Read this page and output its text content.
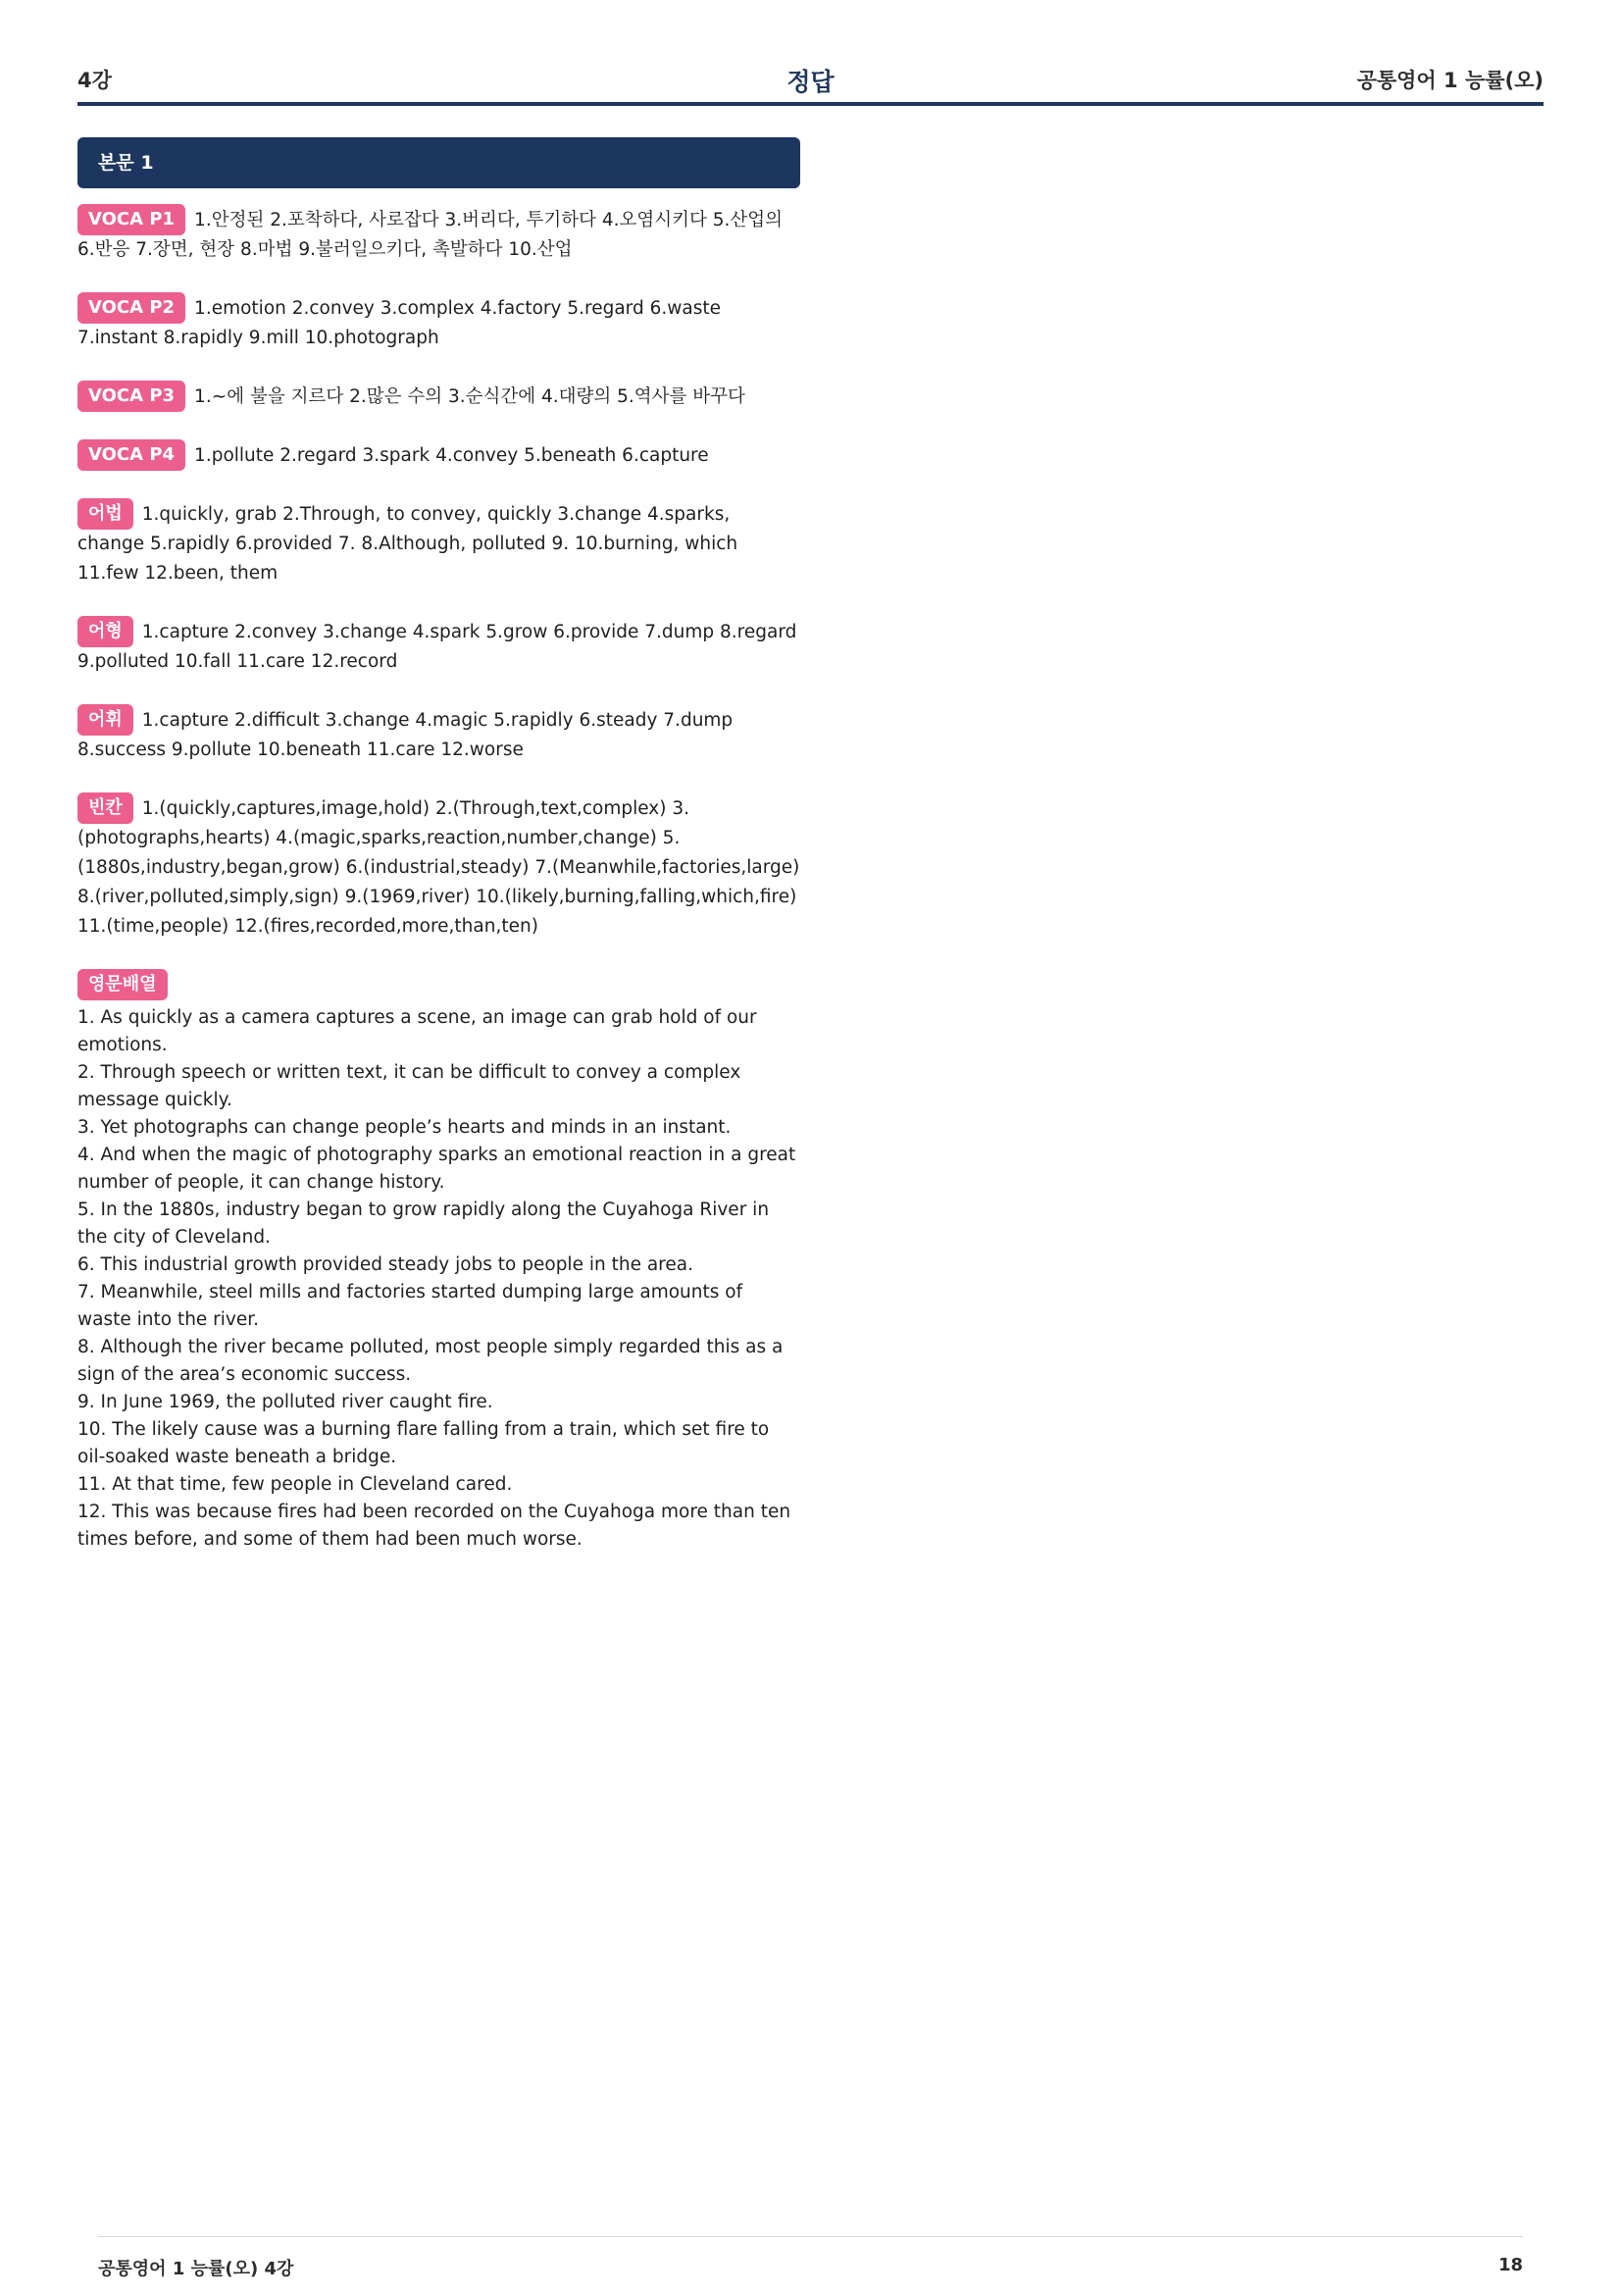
4강	정답	공통영어 1 능률(오)
본문 1
VOCA P1 1.안정된 2.포착하다, 사로잡다 3.버리다, 투기하다 4.오염시키다 5.산업의 6.반응 7.장면, 현장 8.마법 9.불러일으키다, 촉발하다 10.산업
VOCA P2 1.emotion 2.convey 3.complex 4.factory 5.regard 6.waste 7.instant 8.rapidly 9.mill 10.photograph
VOCA P3 1.~에 불을 지르다 2.많은 수의 3.순식간에 4.대량의 5.역사를 바꾸다
VOCA P4 1.pollute 2.regard 3.spark 4.convey 5.beneath 6.capture
어법 1.quickly, grab 2.Through, to convey, quickly 3.change 4.sparks, change 5.rapidly 6.provided 7. 8.Although, polluted 9. 10.burning, which 11.few 12.been, them
어형 1.capture 2.convey 3.change 4.spark 5.grow 6.provide 7.dump 8.regard 9.polluted 10.fall 11.care 12.record
어휘 1.capture 2.difficult 3.change 4.magic 5.rapidly 6.steady 7.dump 8.success 9.pollute 10.beneath 11.care 12.worse
빈칸 1.(quickly,captures,image,hold) 2.(Through,text,complex) 3.(photographs,hearts) 4.(magic,sparks,reaction,number,change) 5.(1880s,industry,began,grow) 6.(industrial,steady) 7.(Meanwhile,factories,large) 8.(river,polluted,simply,sign) 9.(1969,river) 10.(likely,burning,falling,which,fire) 11.(time,people) 12.(fires,recorded,more,than,ten)
영문배열

1. As quickly as a camera captures a scene, an image can grab hold of our emotions.

2. Through speech or written text, it can be difficult to convey a complex message quickly.

3. Yet photographs can change people’s hearts and minds in an instant.

4. And when the magic of photography sparks an emotional reaction in a great number of people, it can change history.

5. In the 1880s, industry began to grow rapidly along the Cuyahoga River in the city of Cleveland.

6. This industrial growth provided steady jobs to people in the area.

7. Meanwhile, steel mills and factories started dumping large amounts of waste into the river.

8. Although the river became polluted, most people simply regarded this as a sign of the area’s economic success.

9. In June 1969, the polluted river caught fire.

10. The likely cause was a burning flare falling from a train, which set fire to oil-soaked waste beneath a bridge.

11. At that time, few people in Cleveland cared.

12. This was because fires had been recorded on the Cuyahoga more than ten times before, and some of them had been much worse.

공통영어 1 능률(오) 4강	18
